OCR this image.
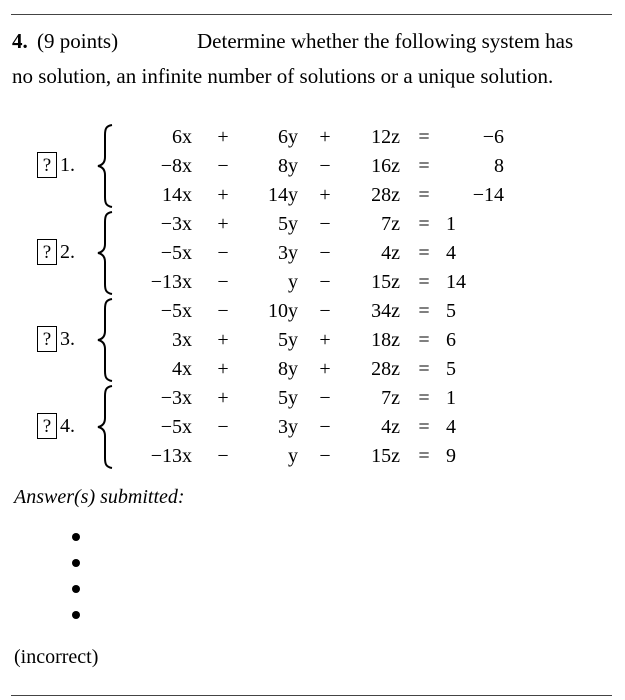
4. (9 points)	Determine whether the following system has
no solution, an infinite number of solutions or a unique solution.
? 1.
6x +	6y +	12z =	−6
−8x −	8y −	16z =	8
14x +	14y +	28z =	−14
? 2.
−3x +	5y −	7z = 1
−5x −	3y −	4z = 4
−13x −	y −	15z = 14
? 3.
−5x −	10y −	34z = 5
3x +	5y +	18z = 6
4x +	8y +	28z = 5
? 4.
−3x +	5y −	7z = 1
−5x −	3y −	4z = 4
−13x −	y −	15z = 9
Answer(s) submitted:
(incorrect)
